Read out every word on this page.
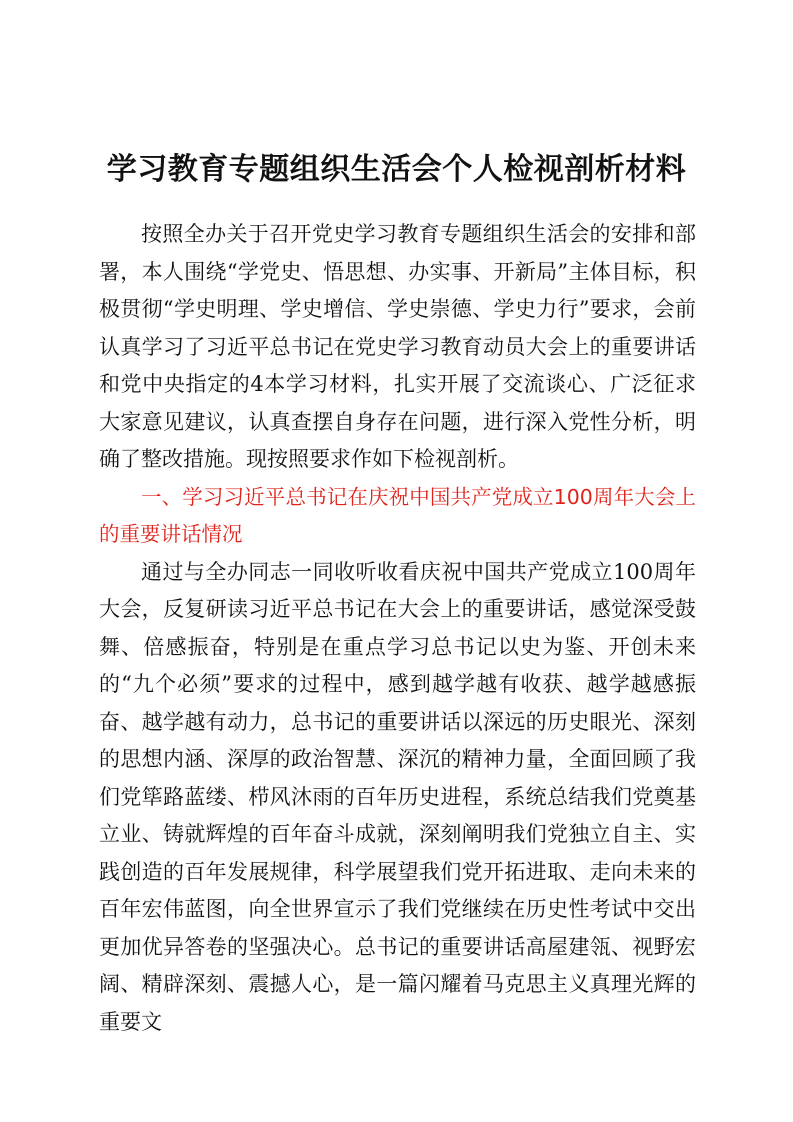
学习教育专题组织生活会个人检视剖析材料

按照全办关于召开党史学习教育专题组织生活会的安排和部署，本人围绕“学党史、悟思想、办实事、开新局”主体目标，积极贯彻“学史明理、学史增信、学史崇德、学史力行”要求，会前认真学习了习近平总书记在党史学习教育动员大会上的重要讲话和党中央指定的4本学习材料，扎实开展了交流谈心、广泛征求大家意见建议，认真查摆自身存在问题，进行深入党性分析，明确了整改措施。现按照要求作如下检视剖析。

一、学习习近平总书记在庆祝中国共产党成立100周年大会上的重要讲话情况

通过与全办同志一同收听收看庆祝中国共产党成立100周年大会，反复研读习近平总书记在大会上的重要讲话，感觉深受鼓舞、倍感振奋，特别是在重点学习总书记以史为鉴、开创未来的“九个必须”要求的过程中，感到越学越有收获、越学越感振奋、越学越有动力，总书记的重要讲话以深远的历史眼光、深刻的思想内涵、深厚的政治智慧、深沉的精神力量，全面回顾了我们党筚路蓝缕、栉风沐雨的百年历史进程，系统总结我们党奠基立业、铸就辉煌的百年奋斗成就，深刻阐明我们党独立自主、实践创造的百年发展规律，科学展望我们党开拓进取、走向未来的百年宏伟蓝图，向全世界宣示了我们党继续在历史性考试中交出更加优异答卷的坚强决心。总书记的重要讲话高屋建瓴、视野宏阔、精辟深刻、震撼人心，是一篇闪耀着马克思主义真理光辉的重要文
